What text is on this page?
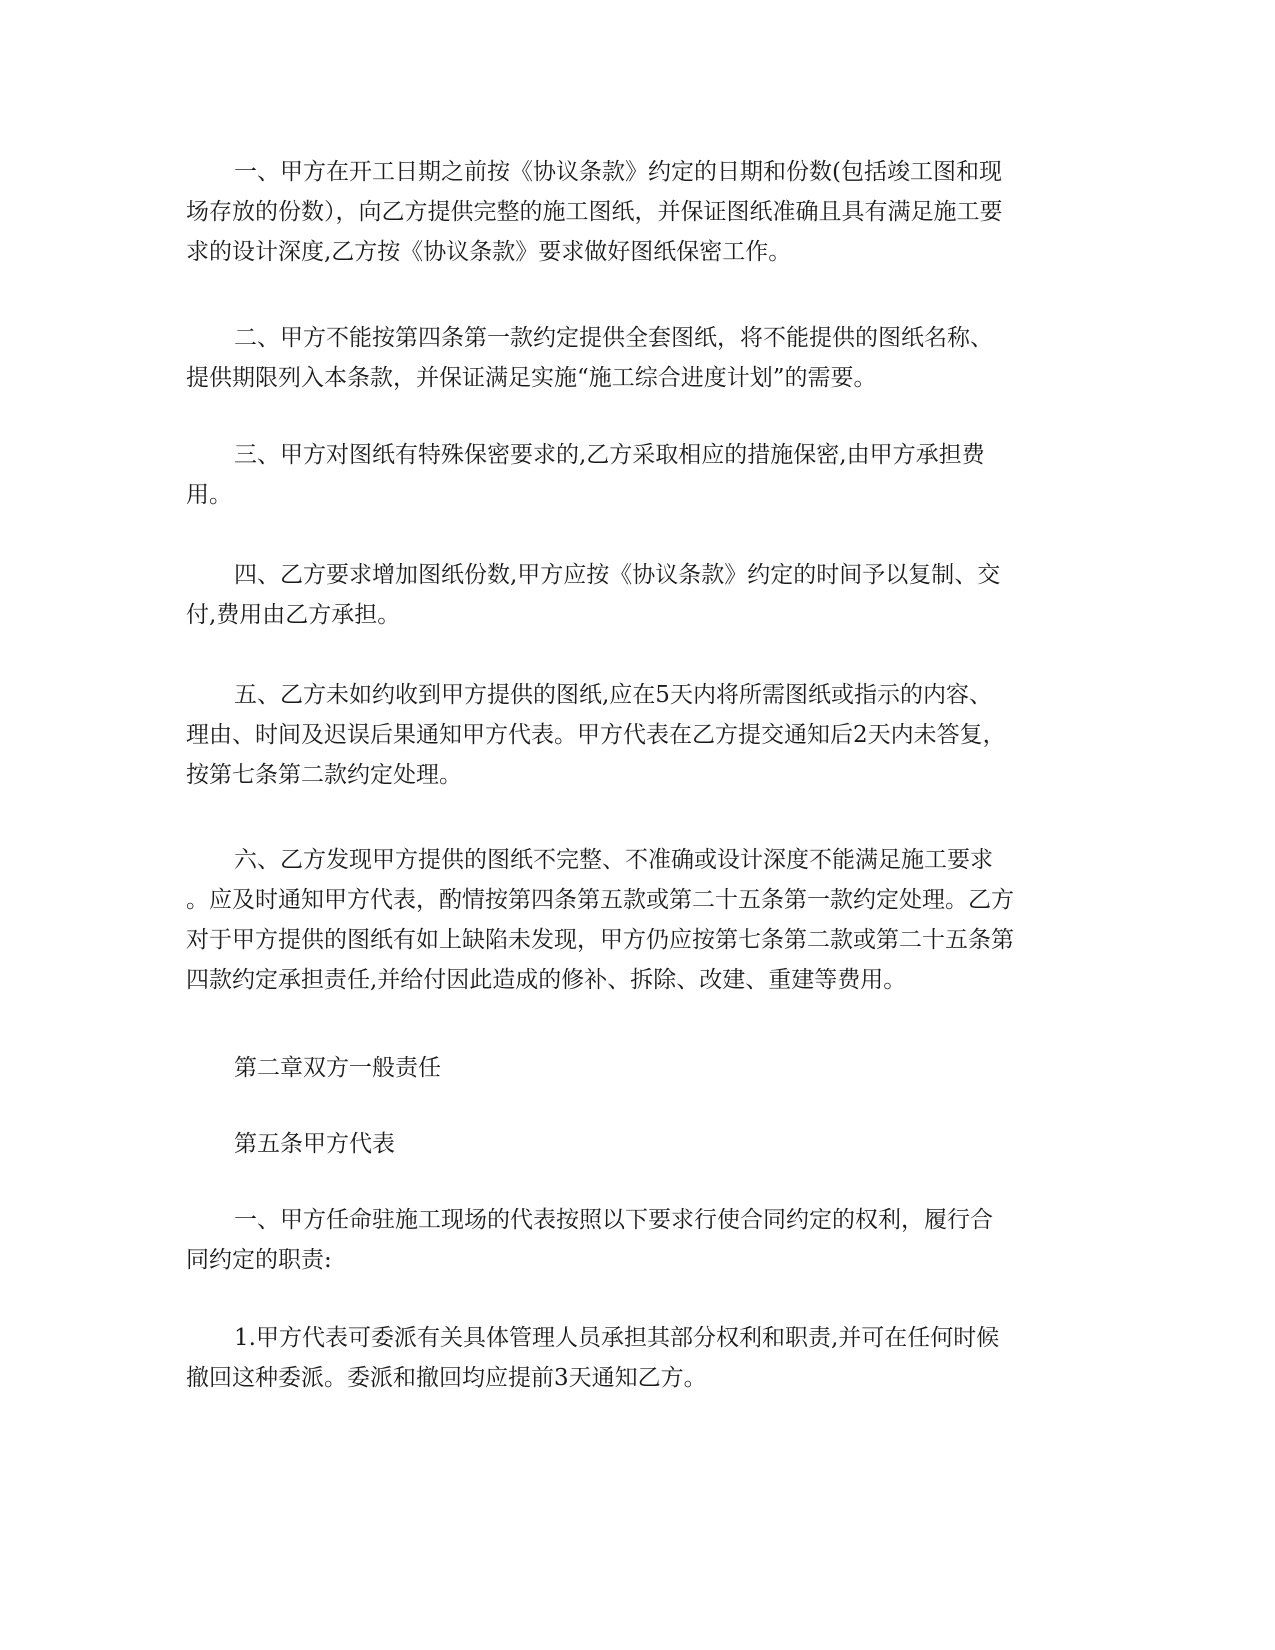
一、甲方在开工日期之前按《协议条款》约定的日期和份数(包括竣工图和现
场存放的份数），向乙方提供完整的施工图纸，并保证图纸准确且具有满足施工要
求的设计深度,乙方按《协议条款》要求做好图纸保密工作。
二、甲方不能按第四条第一款约定提供全套图纸，将不能提供的图纸名称、
提供期限列入本条款，并保证满足实施“施工综合进度计划”的需要。
三、甲方对图纸有特殊保密要求的,乙方采取相应的措施保密,由甲方承担费
用。
四、乙方要求增加图纸份数,甲方应按《协议条款》约定的时间予以复制、交
付,费用由乙方承担。
五、乙方未如约收到甲方提供的图纸,应在5天内将所需图纸或指示的内容、
理由、时间及迟误后果通知甲方代表。甲方代表在乙方提交通知后2天内未答复，
按第七条第二款约定处理。
六、乙方发现甲方提供的图纸不完整、不准确或设计深度不能满足施工要求
。应及时通知甲方代表，酌情按第四条第五款或第二十五条第一款约定处理。乙方
对于甲方提供的图纸有如上缺陷未发现，甲方仍应按第七条第二款或第二十五条第
四款约定承担责任,并给付因此造成的修补、拆除、改建、重建等费用。
第二章双方一般责任
第五条甲方代表
一、甲方任命驻施工现场的代表按照以下要求行使合同约定的权利，履行合
同约定的职责:
1.甲方代表可委派有关具体管理人员承担其部分权利和职责,并可在任何时候
撤回这种委派。委派和撤回均应提前3天通知乙方。
